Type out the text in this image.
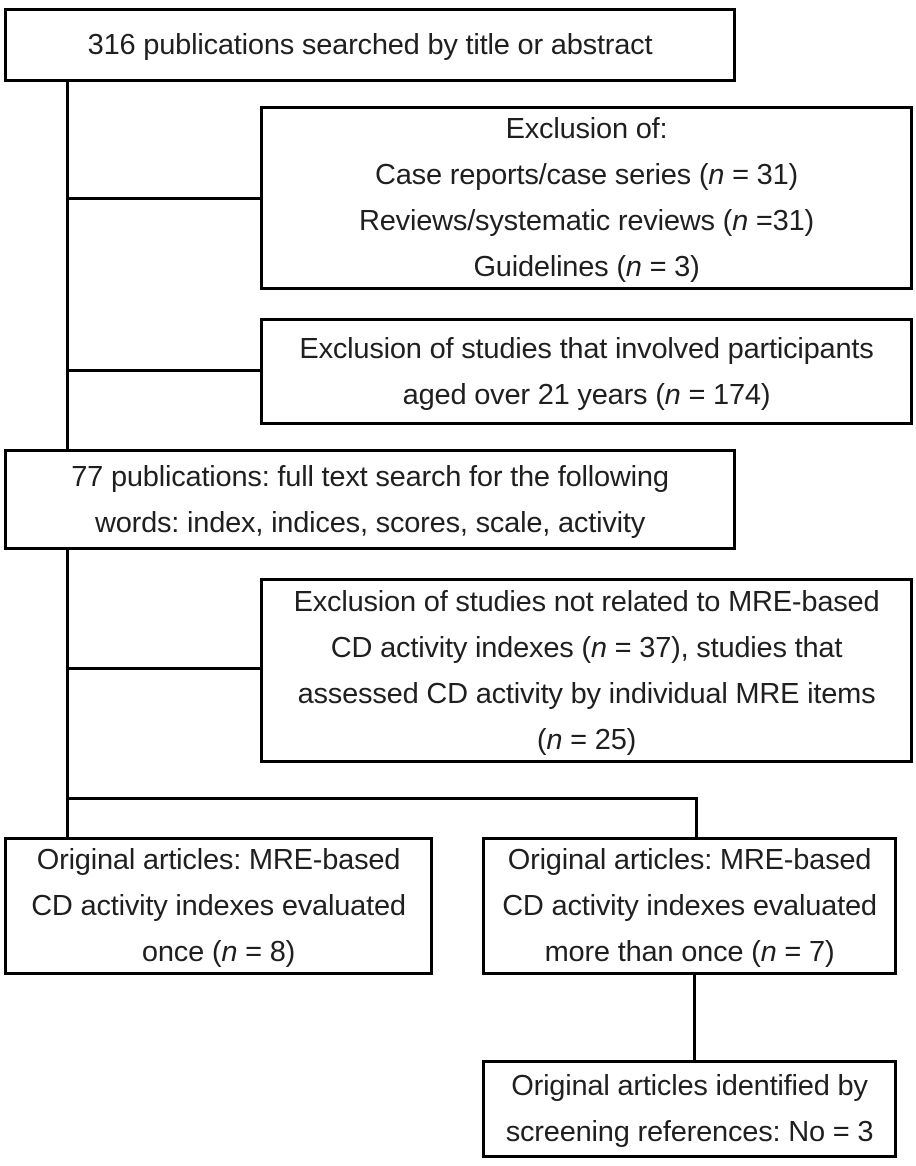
316 publications searched by title or abstract
Exclusion of:
Case reports/case series (n = 31)
Reviews/systematic reviews (n =31)
Guidelines (n = 3)
Exclusion of studies that involved participants
aged over 21 years (n = 174)
77 publications: full text search for the following
words: index, indices, scores, scale, activity
Exclusion of studies not related to MRE-based
CD activity indexes (n = 37), studies that
assessed CD activity by individual MRE items
(n = 25)
Original articles: MRE-based
CD activity indexes evaluated
once (n = 8)
Original articles: MRE-based
CD activity indexes evaluated
more than once (n = 7)
Original articles identified by
screening references: No = 3
